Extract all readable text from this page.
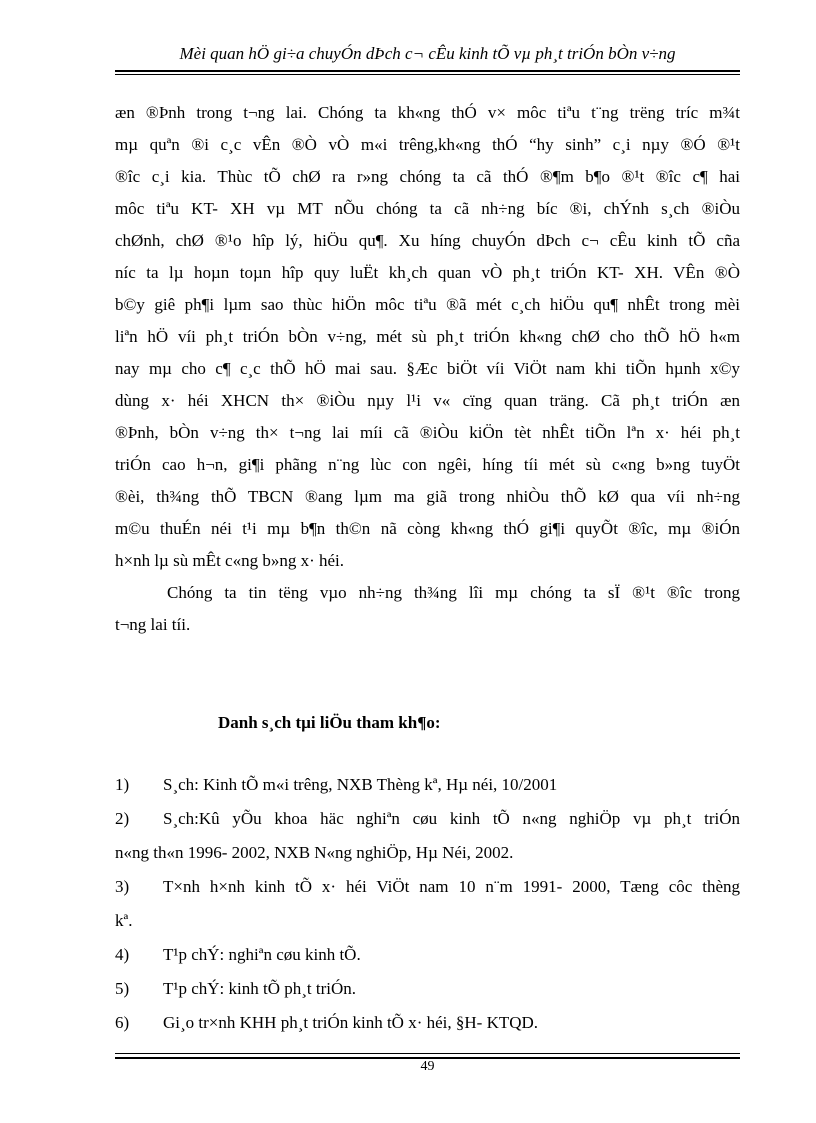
Mèi quan hÖ gi÷a chuyÓn dÞch c¬ cÊu kinh tÕ vµ ph¸t triÓn bÒn v÷ng
æn ®Þnh trong t¬ng lai. Chóng ta kh«ng thÓ v× môc tiªu t¨ng trëng tríc m¾t
mµ quªn ®i c¸c vÊn ®Ò vÒ m«i trêng,kh«ng thÓ “hy sinh” c¸i nµy ®Ó ®¹t
®îc c¸i kia. Thùc tÕ chØ ra r»ng chóng ta cã thÓ ®¶m b¶o ®¹t ®îc c¶ hai
môc tiªu KT- XH vµ MT nÕu chóng ta cã nh÷ng bíc ®i, chÝnh s¸ch ®iÒu
chØnh, chØ ®¹o hîp lý, hiÖu qu¶. Xu híng chuyÓn dÞch c¬ cÊu kinh tÕ cña
níc ta lµ hoµn toµn hîp quy luËt kh¸ch quan vÒ ph¸t triÓn KT- XH. VÊn ®Ò
b©y giê ph¶i lµm sao thùc hiÖn môc tiªu ®ã mét c¸ch hiÖu qu¶ nhÊt trong mèi
liªn hÖ víi ph¸t triÓn bÒn v÷ng, mét sù ph¸t triÓn kh«ng chØ cho thÕ hÖ h«m
nay mµ cho c¶ c¸c thÕ hÖ mai sau. §Æc biÖt víi ViÖt nam khi tiÕn hµnh x©y
dùng x· héi XHCN th× ®iÒu nµy l¹i v« cïng quan träng. Cã ph¸t triÓn æn
®Þnh, bÒn v÷ng th× t¬ng lai míi cã ®iÒu kiÖn tèt nhÊt tiÕn lªn x· héi ph¸t
triÓn cao h¬n, gi¶i phãng n¨ng lùc con ngêi, híng tíi mét sù c«ng b»ng tuyÖt
®èi, th¾ng thÕ TBCN ®ang lµm ma giã trong nhiÒu thÕ kØ qua víi nh÷ng
m©u thuÉn néi t¹i mµ b¶n th©n nã còng kh«ng thÓ gi¶i quyÕt ®îc, mµ ®iÓn
h×nh lµ sù mÊt c«ng b»ng x· héi.
Chóng ta tin tëng vµo nh÷ng th¾ng lîi mµ chóng ta sÏ ®¹t ®îc trong
t¬ng lai tíi.
Danh s¸ch tµi liÖu tham kh¶o:
1) S¸ch: Kinh tÕ m«i trêng, NXB Thèng kª, Hµ néi, 10/2001
2) S¸ch:Kû yÕu khoa häc nghiªn cøu kinh tÕ n«ng nghiÖp vµ ph¸t triÓn
n«ng th«n 1996- 2002, NXB N«ng nghiÖp, Hµ Néi, 2002.
3) T×nh h×nh kinh tÕ x· héi ViÖt nam 10 n¨m 1991- 2000, Tæng côc thèng
kª.
4) T¹p chÝ: nghiªn cøu kinh tÕ.
5) T¹p chÝ: kinh tÕ ph¸t triÓn.
6) Gi¸o tr×nh KHH ph¸t triÓn kinh tÕ x· héi, §H- KTQD.
49
